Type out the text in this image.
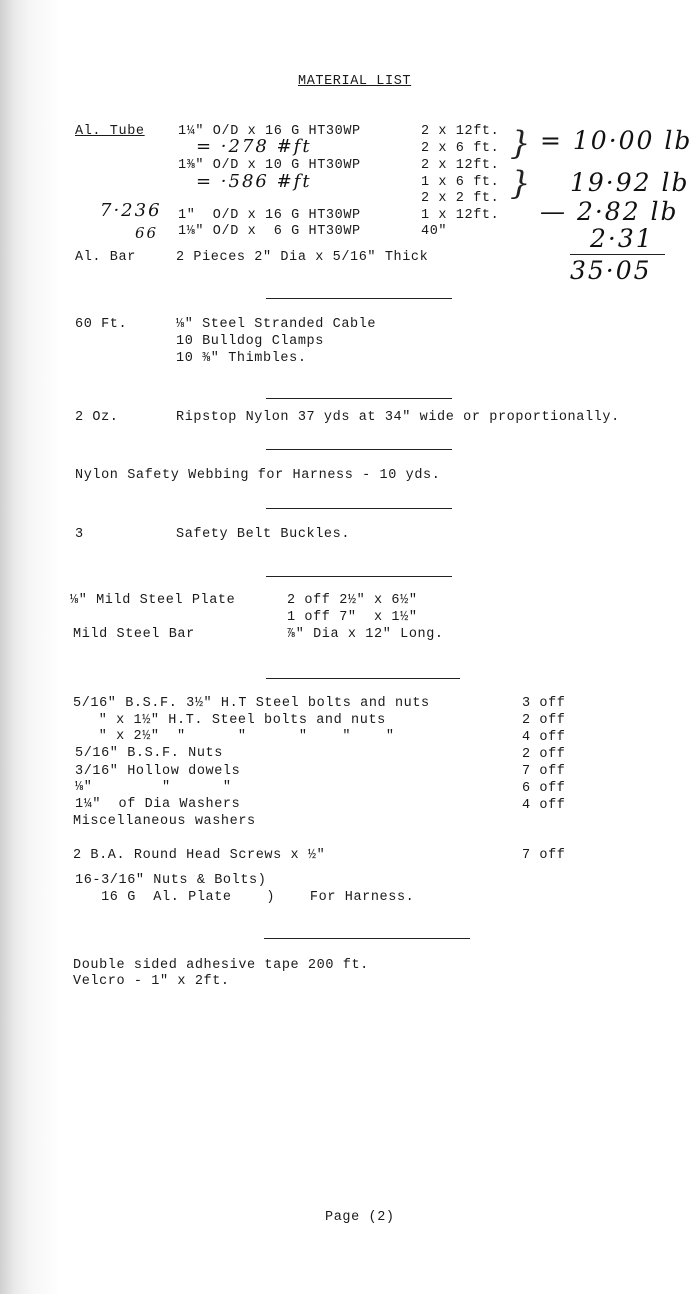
MATERIAL LIST
Al. Tube 1¼" O/D x 16 G HT30WP	2 x 12ft.
2 x 6 ft.
1⅜" O/D x 10 G HT30WP	2 x 12ft.
1 x 6 ft.
2 x 2 ft.
1"  O/D x 16 G HT30WP	1 x 12ft.
1⅛" O/D x  6 G HT30WP	40"
= ·278 #ft
= ·586 #ft
7·236
66
}
}
= 10·00 lb
19·92 lb
— 2·82 lb
2·31
35·05
Al. Bar	2 Pieces 2" Dia x 5/16" Thick
60 Ft.	⅛" Steel Stranded Cable
10 Bulldog Clamps
10 ⅜" Thimbles.
2 Oz.	Ripstop Nylon 37 yds at 34" wide or proportionally.
Nylon Safety Webbing for Harness - 10 yds.
3	Safety Belt Buckles.
⅛" Mild Steel Plate	2 off 2½" x 6½"
1 off 7"  x 1½"
Mild Steel Bar	⅞" Dia x 12" Long.
5/16" B.S.F. 3½" H.T Steel bolts and nuts	3 off
" x 1½" H.T. Steel bolts and nuts	2 off
" x 2½"  "      "      "    "    "	4 off
5/16" B.S.F. Nuts	2 off
3/16" Hollow dowels	7 off
⅛"        "      "	6 off
1¼"  of Dia Washers	4 off
Miscellaneous washers
2 B.A. Round Head Screws x ½"	7 off
16-3/16" Nuts & Bolts)
16 G  Al. Plate    )    For Harness.
Double sided adhesive tape 200 ft.
Velcro - 1" x 2ft.
Page (2)
